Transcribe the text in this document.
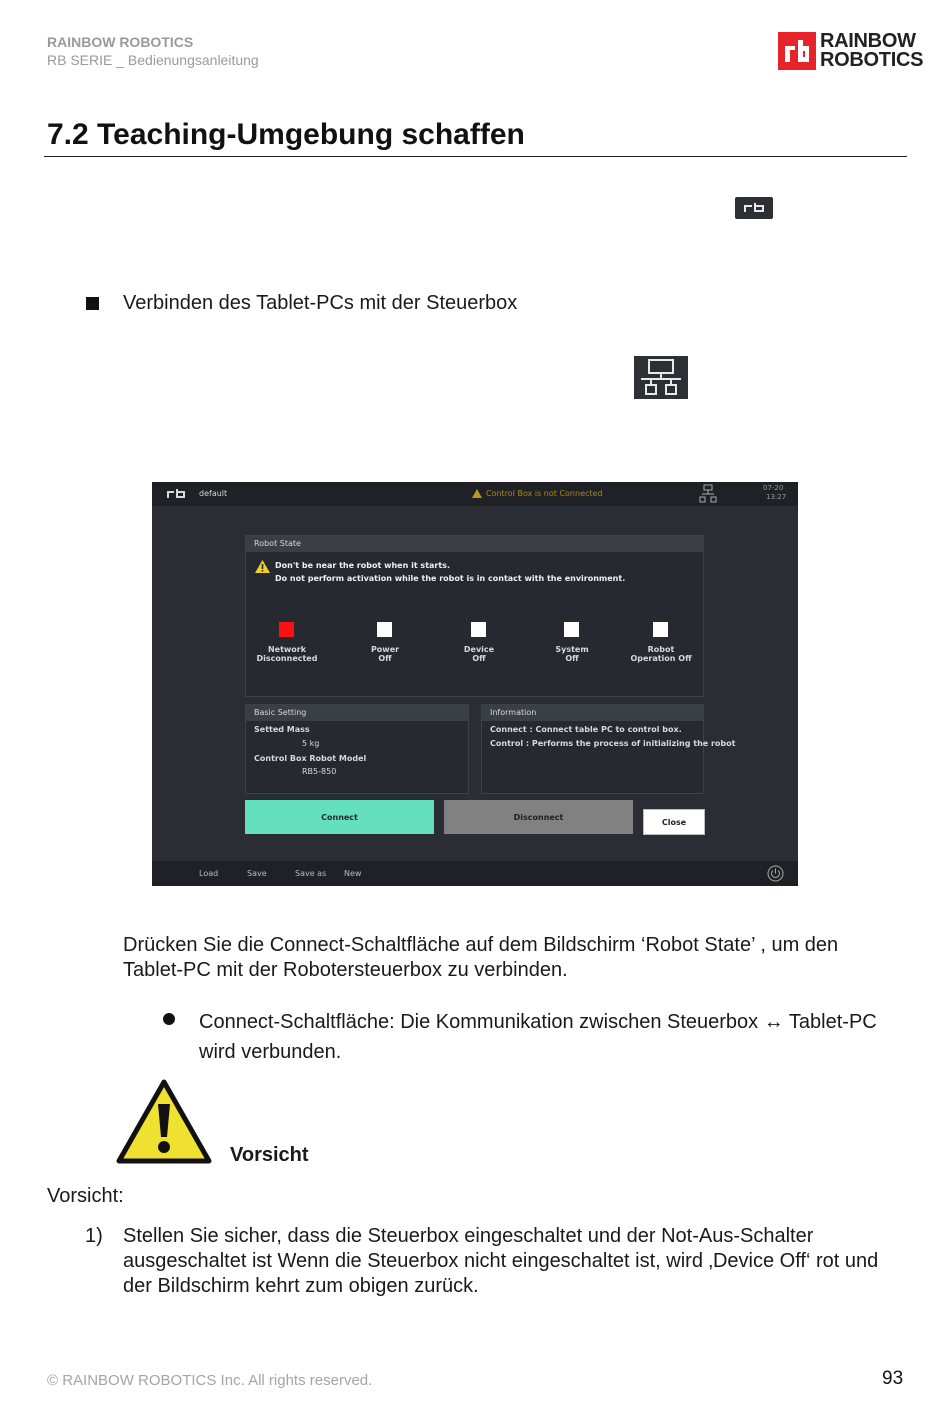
RAINBOW ROBOTICS
RB SERIE _ Bedienungsanleitung
RAINBOW
ROBOTICS
7.2 Teaching-Umgebung schaffen
Verbinden des Tablet-PCs mit der Steuerbox
default	Control Box is not Connected
07-20
13:27
Robot State
Don't be near the robot when it starts.
Do not perform activation while the robot is in contact with the environment.
Network
Disconnected
Power
Off
Device
Off
System
Off
Robot
Operation Off
Basic Setting
Setted Mass
5 kg
Control Box Robot Model
RB5-850
Information
Connect : Connect table PC to control box.
Control : Performs the process of initializing the robot
Connect	Disconnect
Close
Load	Save	Save as New
Drücken Sie die Connect-Schaltfläche auf dem Bildschirm ‘Robot State’ , um den Tablet-PC mit der Robotersteuerbox zu verbinden.
Connect-Schaltfläche: Die Kommunikation zwischen Steuerbox ↔ Tablet-PC wird verbunden.
Vorsicht
Vorsicht:
1) Stellen Sie sicher, dass die Steuerbox eingeschaltet und der Not-Aus-Schalter ausgeschaltet ist Wenn die Steuerbox nicht eingeschaltet ist, wird ‚Device Off‘ rot und der Bildschirm kehrt zum obigen zurück.
© RAINBOW ROBOTICS Inc. All rights reserved.	93
